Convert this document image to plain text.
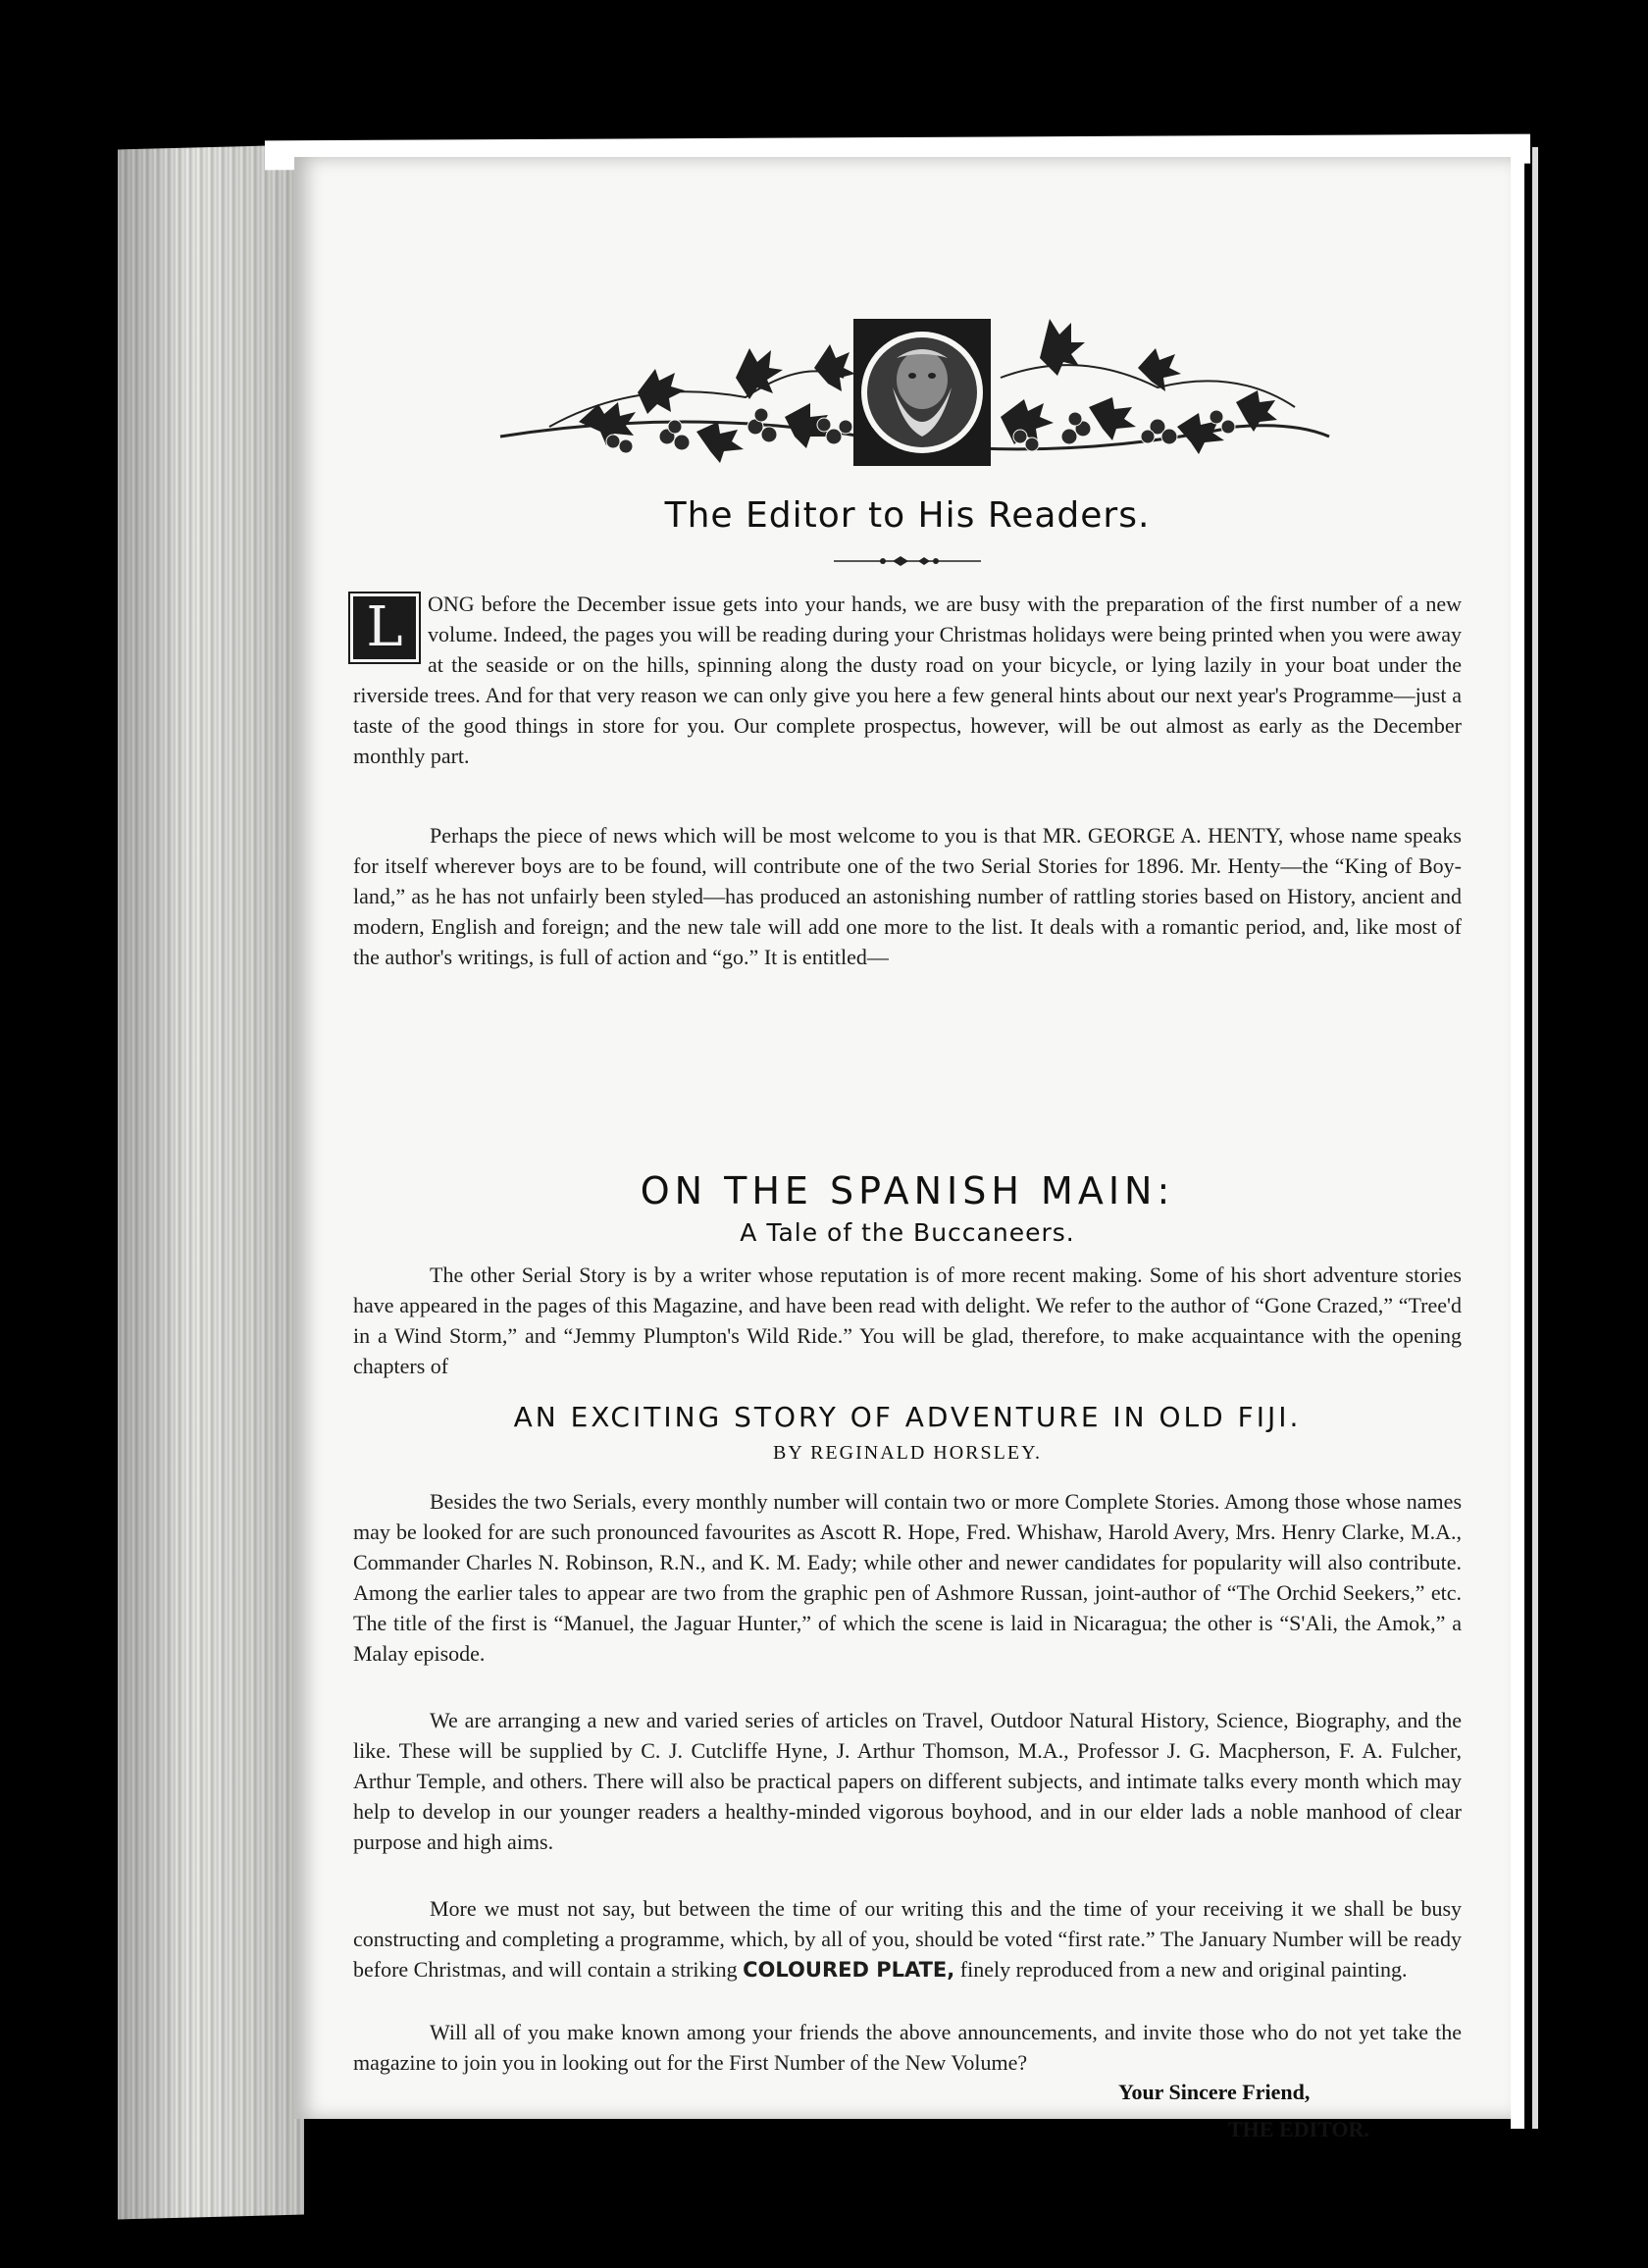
The Editor to His Readers.

L	ONG before the December issue gets into your hands, we are busy with the preparation of the first number of a new volume. Indeed, the pages you will be reading during your Christmas holidays were being printed when you were away at the seaside or on the hills, spinning along the dusty road on your bicycle, or lying lazily in your boat under the riverside trees. And for that very reason we can only give you here a few general hints about our next year's Programme—just a taste of the good things in store for you. Our complete prospectus, however, will be out almost as early as the December monthly part.

Perhaps the piece of news which will be most welcome to you is that MR. GEORGE A. HENTY, whose name speaks for itself wherever boys are to be found, will contribute one of the two Serial Stories for 1896. Mr. Henty—the “King of Boy-land,” as he has not unfairly been styled—has produced an astonishing number of rattling stories based on History, ancient and modern, English and foreign; and the new tale will add one more to the list. It deals with a romantic period, and, like most of the author's writings, is full of action and “go.” It is entitled—

ON THE SPANISH MAIN:
A Tale of the Buccaneers.

The other Serial Story is by a writer whose reputation is of more recent making. Some of his short adventure stories have appeared in the pages of this Magazine, and have been read with delight. We refer to the author of “Gone Crazed,” “Tree'd in a Wind Storm,” and “Jemmy Plumpton's Wild Ride.” You will be glad, therefore, to make acquaintance with the opening chapters of

AN EXCITING STORY OF ADVENTURE IN OLD FIJI.
BY REGINALD HORSLEY.

Besides the two Serials, every monthly number will contain two or more Complete Stories. Among those whose names may be looked for are such pronounced favourites as Ascott R. Hope, Fred. Whishaw, Harold Avery, Mrs. Henry Clarke, M.A., Commander Charles N. Robinson, R.N., and K. M. Eady; while other and newer candidates for popularity will also contribute. Among the earlier tales to appear are two from the graphic pen of Ashmore Russan, joint-author of “The Orchid Seekers,” etc. The title of the first is “Manuel, the Jaguar Hunter,” of which the scene is laid in Nicaragua; the other is “S'Ali, the Amok,” a Malay episode.

We are arranging a new and varied series of articles on Travel, Outdoor Natural History, Science, Biography, and the like. These will be supplied by C. J. Cutcliffe Hyne, J. Arthur Thomson, M.A., Professor J. G. Macpherson, F. A. Fulcher, Arthur Temple, and others. There will also be practical papers on different subjects, and intimate talks every month which may help to develop in our younger readers a healthy-minded vigorous boyhood, and in our elder lads a noble manhood of clear purpose and high aims.

More we must not say, but between the time of our writing this and the time of your receiving it we shall be busy constructing and completing a programme, which, by all of you, should be voted “first rate.” The January Number will be ready before Christmas, and will contain a striking COLOURED PLATE, finely reproduced from a new and original painting.

Will all of you make known among your friends the above announcements, and invite those who do not yet take the magazine to join you in looking out for the First Number of the New Volume?

Your Sincere Friend,
THE EDITOR.
